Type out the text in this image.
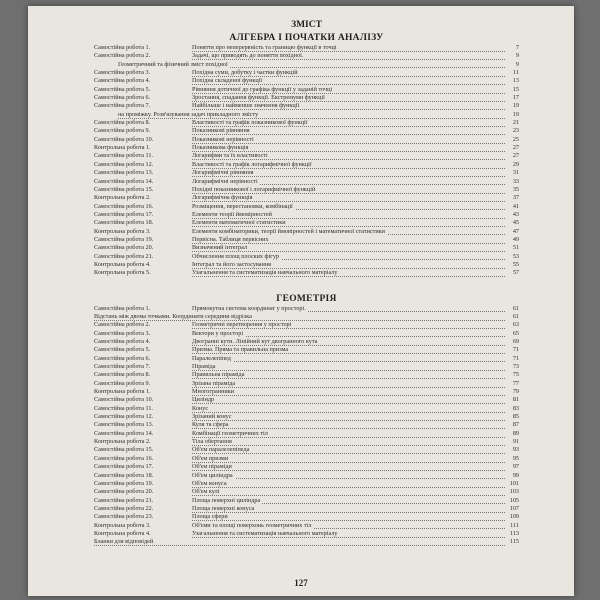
ЗМІСТ
АЛГЕБРА І ПОЧАТКИ АНАЛІЗУ
Самостійна робота 1.	Поняття про неперервність та границю функції в точці	7
Самостійна робота 2.	Задачі, що приводять до поняття похідної.	9
Геометричний та фізичний зміст похідної	9
Самостійна робота 3.	Похідна суми, добутку і частки функцій	11
Самостійна робота 4.	Похідна складеної функції	13
Самостійна робота 5.	Рівняння дотичної до графіка функції у заданій точці	15
Самостійна робота 6.	Зростання, спадання функції. Екстремуми функції	17
Самостійна робота 7.	Найбільше і найменше значення функції	19
на проміжку. Розв'язування задач прикладного змісту	19
Самостійна робота 8.	Властивості та графік показникової функції	21
Самостійна робота 9.	Показникові рівняння	23
Самостійна робота 10.	Показникові нерівності	25
Контрольна робота 1.	Показникова функція	27
Самостійна робота 11.	Логарифми та їх властивості	27
Самостійна робота 12.	Властивості та графік логарифмічної функції	29
Самостійна робота 13.	Логарифмічні рівняння	31
Самостійна робота 14.	Логарифмічні нерівності	33
Самостійна робота 15.	Похідні показникової і логарифмічної функцій	35
Контрольна робота 2.	Логарифмічна функція	37
Самостійна робота 16.	Розміщення, перестановки, комбінації	41
Самостійна робота 17.	Елементи теорії ймовірностей	43
Самостійна робота 18.	Елементи математичної статистики	45
Контрольна робота 3.	Елементи комбінаторики, теорії ймовірностей і математичної статистики	47
Самостійна робота 19.	Первісна. Таблиця первісних	49
Самостійна робота 20.	Визначений інтеграл	51
Самостійна робота 21.	Обчислення площ плоских фігур	53
Контрольна робота 4.	Інтеграл та його застосування	55
Контрольна робота 5.	Узагальнення та систематизація навчального матеріалу	57
ГЕОМЕТРІЯ
Самостійна робота 1.	Прямокутна система координат у просторі.	61
Відстань між двома точками. Координати середини відрізка	61
Самостійна робота 2.	Геометричні перетворення у просторі	63
Самостійна робота 3.	Вектори у просторі	65
Самостійна робота 4.	Двогранні кути. Лінійний кут двогранного кута	69
Самостійна робота 5.	Призма. Пряма та правильна призма	71
Самостійна робота 6.	Паралелепіпед	71
Самостійна робота 7.	Піраміда	73
Самостійна робота 8.	Правильна піраміда	75
Самостійна робота 9.	Зрізана піраміда	77
Контрольна робота 1.	Многогранники	79
Самостійна робота 10.	Циліндр	81
Самостійна робота 11.	Конус	83
Самостійна робота 12.	Зрізаний конус	85
Самостійна робота 13.	Куля та сфера	87
Самостійна робота 14.	Комбінації геометричних тіл	89
Контрольна робота 2.	Тіла обертання	91
Самостійна робота 15.	Об'єм паралелепіпеда	93
Самостійна робота 16.	Об'єм призми	95
Самостійна робота 17.	Об'єм піраміди	97
Самостійна робота 18.	Об'єм циліндра	99
Самостійна робота 19.	Об'єм конуса	101
Самостійна робота 20.	Об'єм кулі	103
Самостійна робота 21.	Площа поверхні циліндра	105
Самостійна робота 22.	Площа поверхні конуса	107
Самостійна робота 23.	Площа сфери	109
Контрольна робота 3.	Об'єми та площі поверхонь геометричних тіл	111
Контрольна робота 4.	Узагальнення та систематизація навчального матеріалу	113
Бланки для відповідей	115
127
